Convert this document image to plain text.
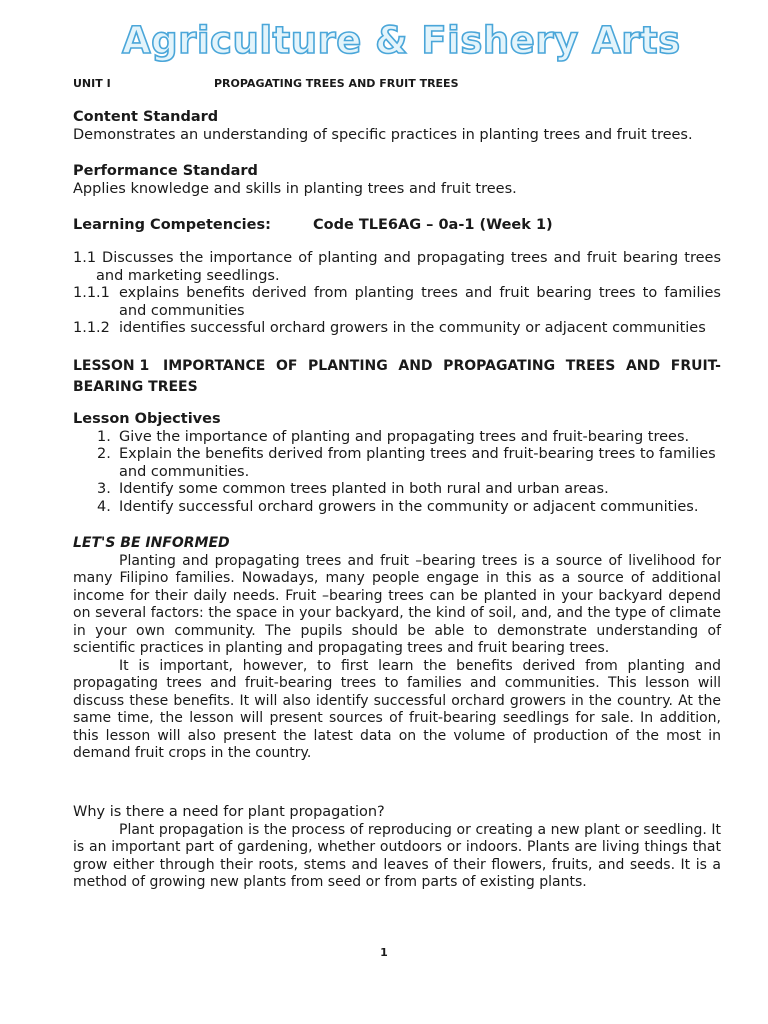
Agriculture & Fishery Arts
UNIT I	PROPAGATING TREES AND FRUIT TREES
Content Standard
Demonstrates an understanding of specific practices in planting trees and fruit trees.
Performance Standard
Applies knowledge and skills in planting trees and fruit trees.
Learning Competencies:	Code TLE6AG – 0a-1 (Week 1)
1.1 Discusses the importance of planting and propagating trees and fruit bearing trees and marketing seedlings.
1.1.1 explains benefits derived from planting trees and fruit bearing trees to families and communities
1.1.2 identifies successful orchard growers in the community or adjacent communities
LESSON 1 IMPORTANCE OF PLANTING AND PROPAGATING TREES AND FRUIT-BEARING TREES
Lesson Objectives
1. Give the importance of planting and propagating trees and fruit-bearing trees.
2. Explain the benefits derived from planting trees and fruit-bearing trees to families and communities.
3. Identify some common trees planted in both rural and urban areas.
4. Identify successful orchard growers in the community or adjacent communities.
LET'S BE INFORMED

Planting and propagating trees and fruit –bearing trees is a source of livelihood for many Filipino families. Nowadays, many people engage in this as a source of additional income for their daily needs. Fruit –bearing trees can be planted in your backyard depend on several factors: the space in your backyard, the kind of soil, and, and the type of climate in your own community. The pupils should be able to demonstrate understanding of scientific practices in planting and propagating trees and fruit bearing trees.

It is important, however, to first learn the benefits derived from planting and propagating trees and fruit-bearing trees to families and communities. This lesson will discuss these benefits. It will also identify successful orchard growers in the country. At the same time, the lesson will present sources of fruit-bearing seedlings for sale. In addition, this lesson will also present the latest data on the volume of production of the most in demand fruit crops in the country.

Why is there a need for plant propagation?

Plant propagation is the process of reproducing or creating a new plant or seedling. It is an important part of gardening, whether outdoors or indoors. Plants are living things that grow either through their roots, stems and leaves of their flowers, fruits, and seeds. It is a method of growing new plants from seed or from parts of existing plants.

1
